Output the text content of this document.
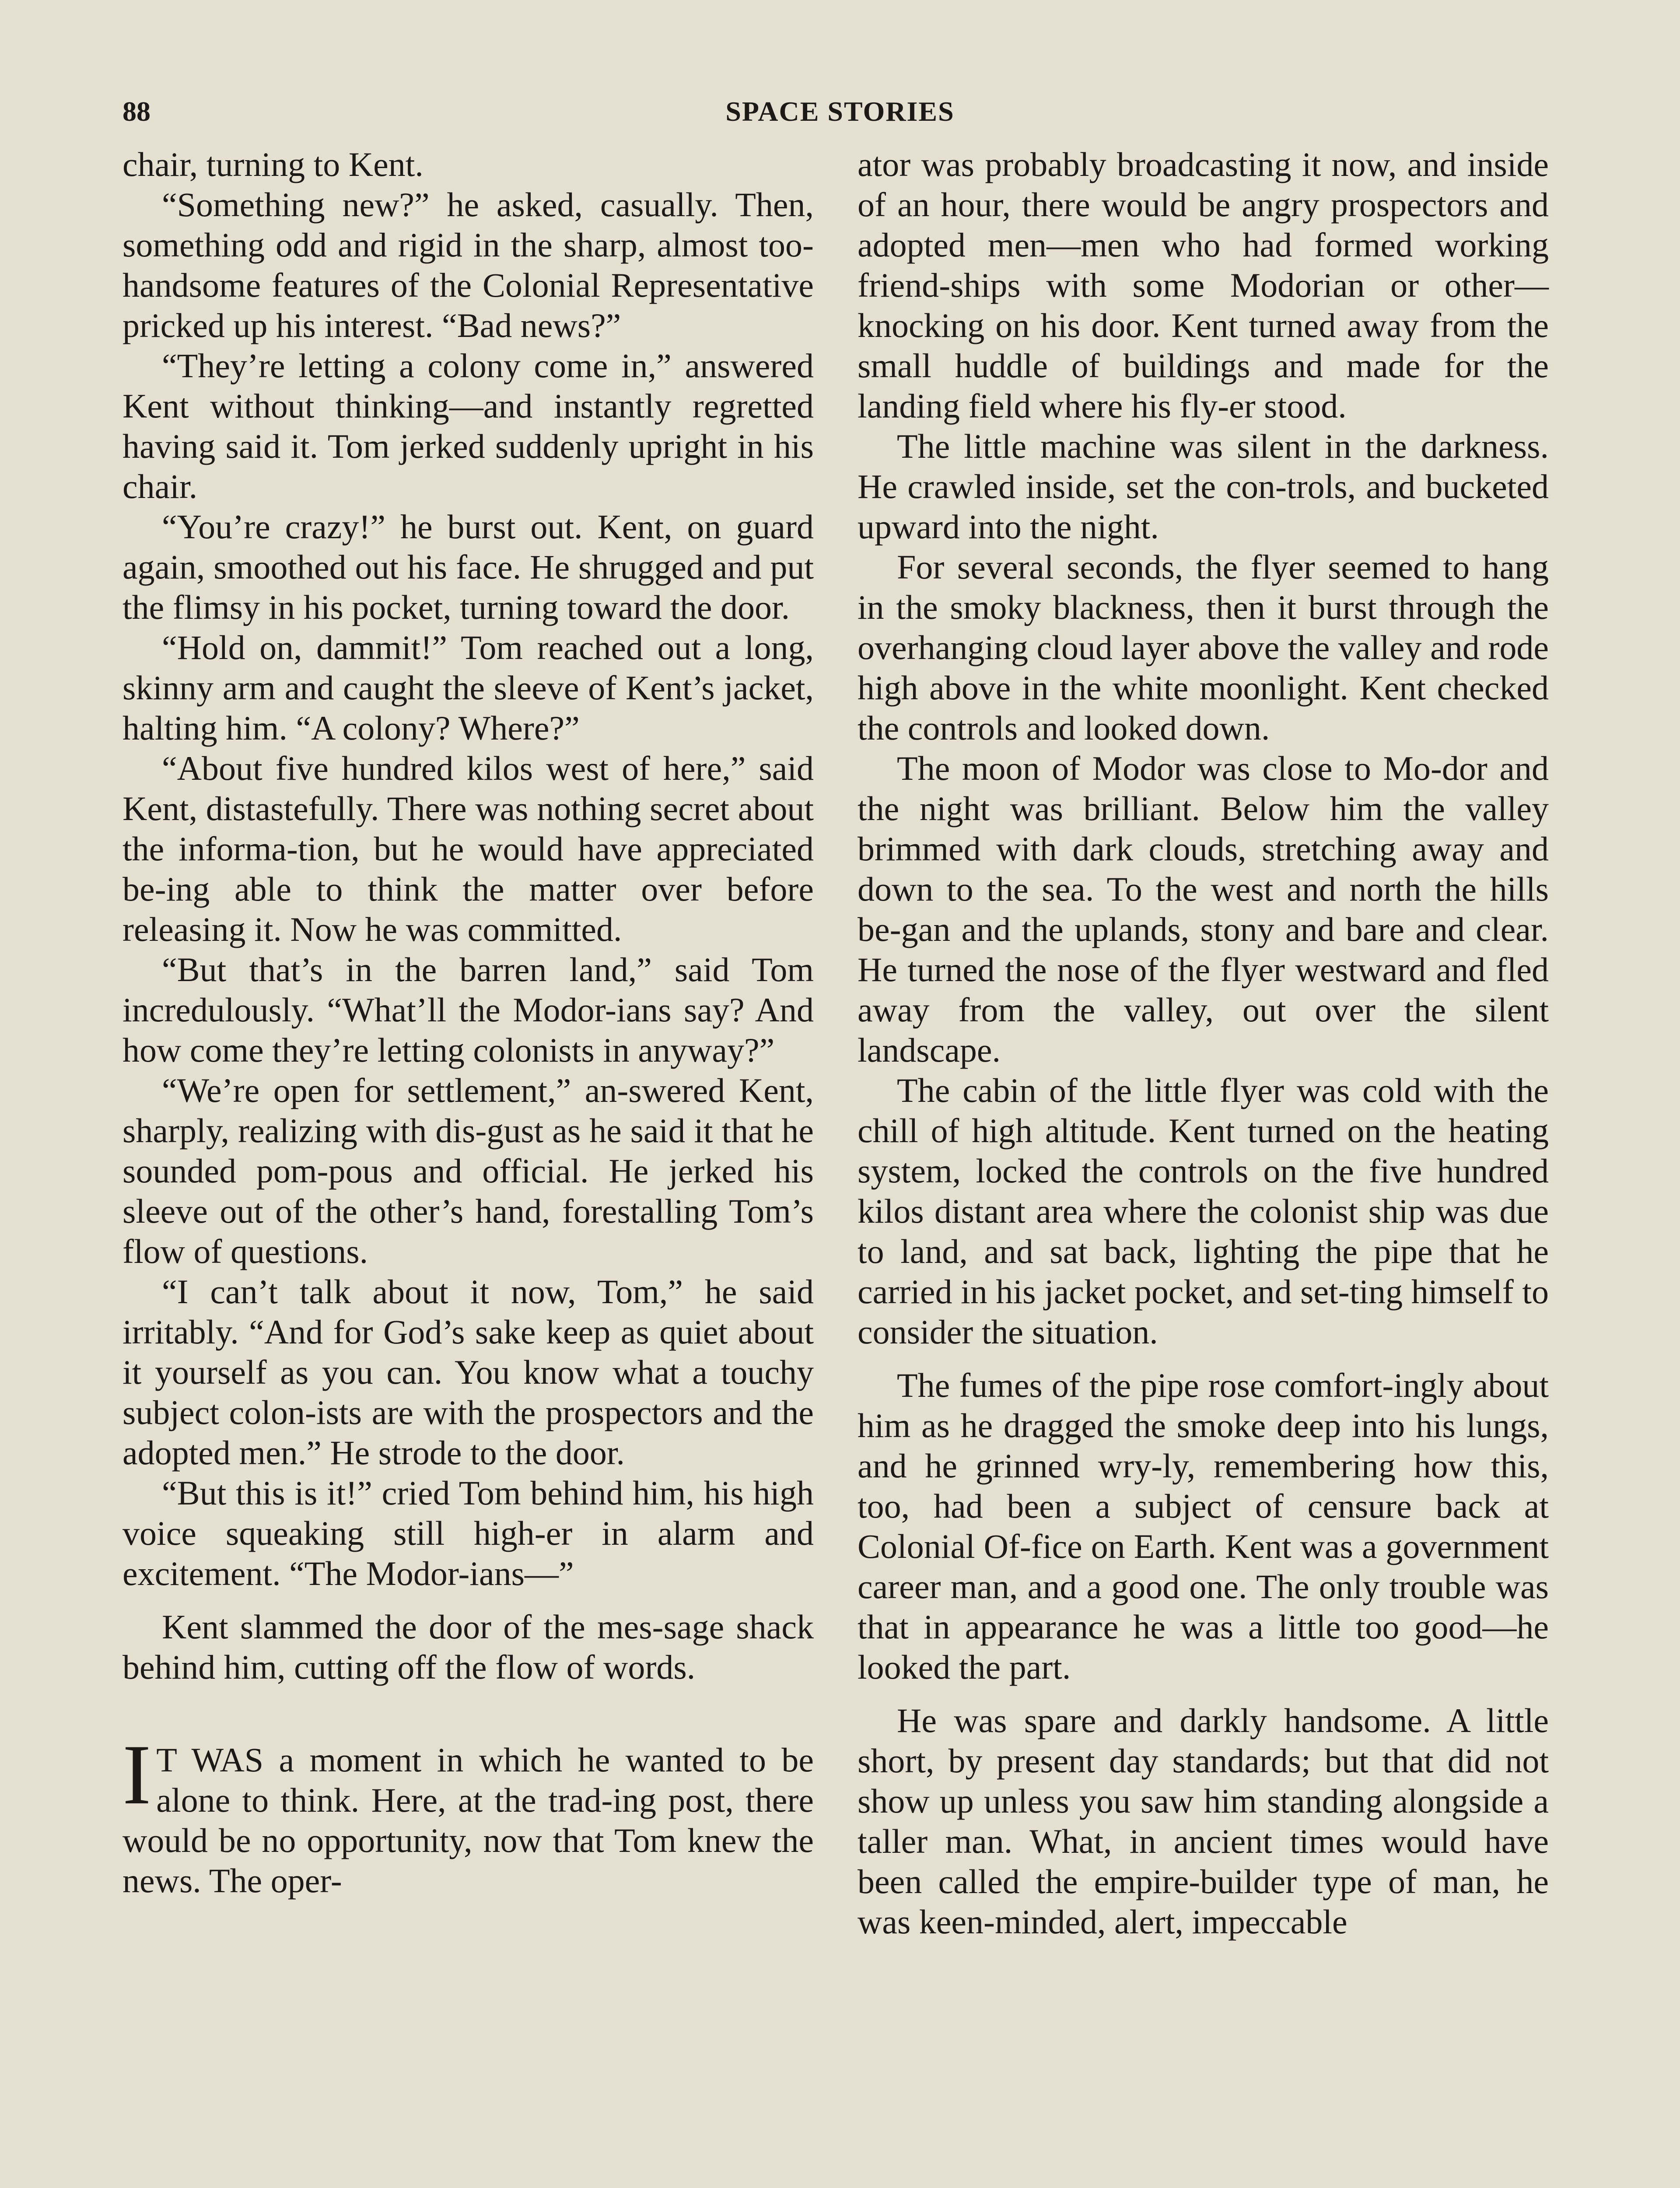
88	SPACE STORIES

chair, turning to Kent.

“Something new?” he asked, casually. Then, something odd and rigid in the sharp, almost too-handsome features of the Colonial Representative pricked up his interest. “Bad news?”

“They’re letting a colony come in,” answered Kent without thinking—and instantly regretted having said it. Tom jerked suddenly upright in his chair.

“You’re crazy!” he burst out. Kent, on guard again, smoothed out his face. He shrugged and put the flimsy in his pocket, turning toward the door.

“Hold on, dammit!” Tom reached out a long, skinny arm and caught the sleeve of Kent’s jacket, halting him. “A colony? Where?”

“About five hundred kilos west of here,” said Kent, distastefully. There was nothing secret about the informa-tion, but he would have appreciated be-ing able to think the matter over before releasing it. Now he was committed.

“But that’s in the barren land,” said Tom incredulously. “What’ll the Modor-ians say? And how come they’re letting colonists in anyway?”

“We’re open for settlement,” an-swered Kent, sharply, realizing with dis-gust as he said it that he sounded pom-pous and official. He jerked his sleeve out of the other’s hand, forestalling Tom’s flow of questions.

“I can’t talk about it now, Tom,” he said irritably. “And for God’s sake keep as quiet about it yourself as you can. You know what a touchy subject colon-ists are with the prospectors and the adopted men.” He strode to the door.

“But this is it!” cried Tom behind him, his high voice squeaking still high-er in alarm and excitement. “The Modor-ians—”

Kent slammed the door of the mes-sage shack behind him, cutting off the flow of words.

I T WAS a moment in which he wanted to be alone to think. Here, at the trad-ing post, there would be no opportunity, now that Tom knew the news. The oper-

ator was probably broadcasting it now, and inside of an hour, there would be angry prospectors and adopted men—men who had formed working friend-ships with some Modorian or other—knocking on his door. Kent turned away from the small huddle of buildings and made for the landing field where his fly-er stood.

The little machine was silent in the darkness. He crawled inside, set the con-trols, and bucketed upward into the night.

For several seconds, the flyer seemed to hang in the smoky blackness, then it burst through the overhanging cloud layer above the valley and rode high above in the white moonlight. Kent checked the controls and looked down.

The moon of Modor was close to Mo-dor and the night was brilliant. Below him the valley brimmed with dark clouds, stretching away and down to the sea. To the west and north the hills be-gan and the uplands, stony and bare and clear. He turned the nose of the flyer westward and fled away from the valley, out over the silent landscape.

The cabin of the little flyer was cold with the chill of high altitude. Kent turned on the heating system, locked the controls on the five hundred kilos distant area where the colonist ship was due to land, and sat back, lighting the pipe that he carried in his jacket pocket, and set-ting himself to consider the situation.

The fumes of the pipe rose comfort-ingly about him as he dragged the smoke deep into his lungs, and he grinned wry-ly, remembering how this, too, had been a subject of censure back at Colonial Of-fice on Earth. Kent was a government career man, and a good one. The only trouble was that in appearance he was a little too good—he looked the part.

He was spare and darkly handsome. A little short, by present day standards; but that did not show up unless you saw him standing alongside a taller man. What, in ancient times would have been called the empire-builder type of man, he was keen-minded, alert, impeccable
